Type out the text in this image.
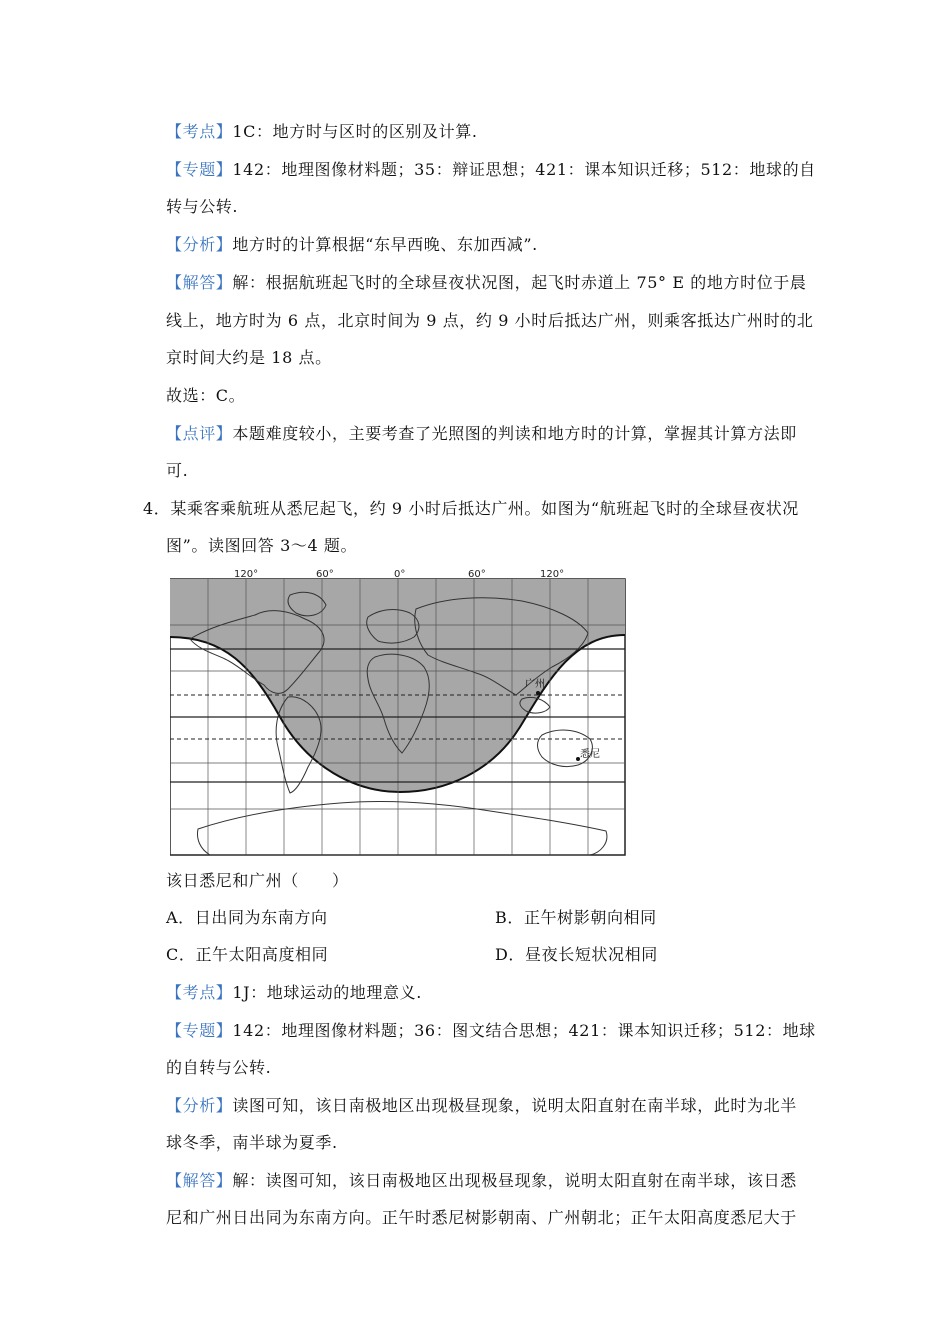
【考点】1C：地方时与区时的区别及计算.
【专题】142：地理图像材料题；35：辩证思想；421：课本知识迁移；512：地球的自
转与公转.
【分析】地方时的计算根据“东早西晚、东加西减”.
【解答】解：根据航班起飞时的全球昼夜状况图，起飞时赤道上 75° E 的地方时位于晨
线上，地方时为 6 点，北京时间为 9 点，约 9 小时后抵达广州，则乘客抵达广州时的北
京时间大约是 18 点。
故选：C。
【点评】本题难度较小，主要考查了光照图的判读和地方时的计算，掌握其计算方法即
可.
4．某乘客乘航班从悉尼起飞，约 9 小时后抵达广州。如图为“航班起飞时的全球昼夜状况
图”。读图回答 3～4 题。
广州
悉尼
120°	60°	0°	60°	120°
该日悉尼和广州（　　）
A．日出同为东南方向	B．正午树影朝向相同
C．正午太阳高度相同	D．昼夜长短状况相同
【考点】1J：地球运动的地理意义.
【专题】142：地理图像材料题；36：图文结合思想；421：课本知识迁移；512：地球
的自转与公转.
【分析】读图可知，该日南极地区出现极昼现象，说明太阳直射在南半球，此时为北半
球冬季，南半球为夏季.
【解答】解：读图可知，该日南极地区出现极昼现象，说明太阳直射在南半球，该日悉
尼和广州日出同为东南方向。正午时悉尼树影朝南、广州朝北；正午太阳高度悉尼大于
